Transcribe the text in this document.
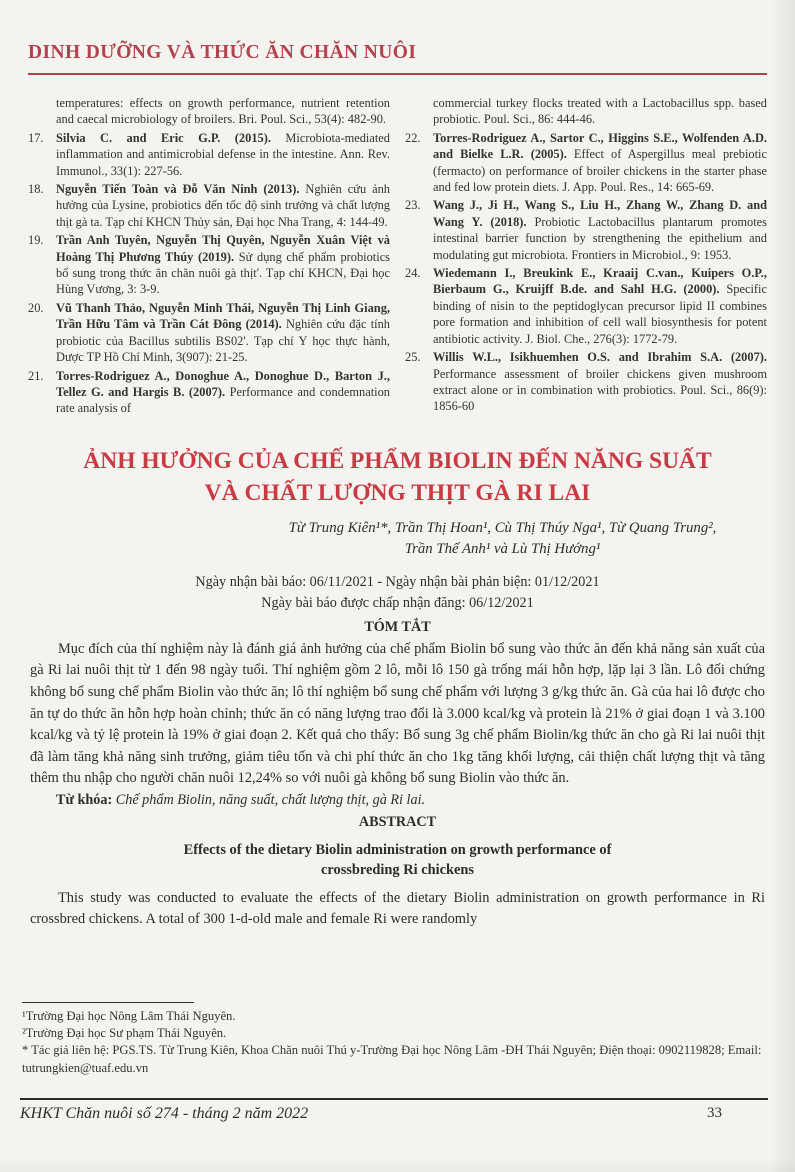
DINH DƯỠNG VÀ THỨC ĂN CHĂN NUÔI
temperatures: effects on growth performance, nutrient retention and caecal microbiology of broilers. Bri. Poul. Sci., 53(4): 482-90.
17. Silvia C. and Eric G.P. (2015). Microbiota-mediated inflammation and antimicrobial defense in the intestine. Ann. Rev. Immunol., 33(1): 227-56.
18. Nguyễn Tiến Toàn và Đỗ Văn Ninh (2013). Nghiên cứu ảnh hưởng của Lysine, probiotics đến tốc độ sinh trưởng và chất lượng thịt gà ta. Tạp chí KHCN Thủy sản, Đại học Nha Trang, 4: 144-49.
19. Trần Anh Tuyên, Nguyễn Thị Quyên, Nguyễn Xuân Việt và Hoàng Thị Phương Thúy (2019). Sử dụng chế phẩm probiotics bổ sung trong thức ăn chăn nuôi gà thịt'. Tạp chí KHCN, Đại học Hùng Vương, 3: 3-9.
20. Vũ Thanh Thảo, Nguyễn Minh Thái, Nguyễn Thị Linh Giang, Trần Hữu Tâm và Trần Cát Đông (2014). Nghiên cứu đặc tính probiotic của Bacillus subtilis BS02'. Tạp chí Y học thực hành, Dược TP Hồ Chí Minh, 3(907): 21-25.
21. Torres-Rodriguez A., Donoghue A., Donoghue D., Barton J., Tellez G. and Hargis B. (2007). Performance and condemnation rate analysis of
commercial turkey flocks treated with a Lactobacillus spp. based probiotic. Poul. Sci., 86: 444-46.
22. Torres-Rodriguez A., Sartor C., Higgins S.E., Wolfenden A.D. and Bielke L.R. (2005). Effect of Aspergillus meal prebiotic (fermacto) on performance of broiler chickens in the starter phase and fed low protein diets. J. App. Poul. Res., 14: 665-69.
23. Wang J., Ji H., Wang S., Liu H., Zhang W., Zhang D. and Wang Y. (2018). Probiotic Lactobacillus plantarum promotes intestinal barrier function by strengthening the epithelium and modulating gut microbiota. Frontiers in Microbiol., 9: 1953.
24. Wiedemann I., Breukink E., Kraaij C.van., Kuipers O.P., Bierbaum G., Kruijff B.de. and Sahl H.G. (2000). Specific binding of nisin to the peptidoglycan precursor lipid II combines pore formation and inhibition of cell wall biosynthesis for potent antibiotic activity. J. Biol. Che., 276(3): 1772-79.
25. Willis W.L., Isikhuemhen O.S. and Ibrahim S.A. (2007). Performance assessment of broiler chickens given mushroom extract alone or in combination with probiotics. Poul. Sci., 86(9): 1856-60
ẢNH HƯỞNG CỦA CHẾ PHẨM BIOLIN ĐẾN NĂNG SUẤT
VÀ CHẤT LƯỢNG THỊT GÀ RI LAI
Từ Trung Kiên¹*, Trần Thị Hoan¹, Cù Thị Thúy Nga¹, Từ Quang Trung²,
Trần Thế Anh¹ và Lù Thị Hướng¹
Ngày nhận bài báo: 06/11/2021 - Ngày nhận bài phản biện: 01/12/2021
Ngày bài báo được chấp nhận đăng: 06/12/2021
TÓM TẮT

Mục đích của thí nghiệm này là đánh giá ảnh hưởng của chế phẩm Biolin bổ sung vào thức ăn đến khả năng sản xuất của gà Ri lai nuôi thịt từ 1 đến 98 ngày tuổi. Thí nghiệm gồm 2 lô, mỗi lô 150 gà trống mái hỗn hợp, lặp lại 3 lần. Lô đối chứng không bổ sung chế phẩm Biolin vào thức ăn; lô thí nghiệm bổ sung chế phẩm với lượng 3 g/kg thức ăn. Gà của hai lô được cho ăn tự do thức ăn hỗn hợp hoàn chỉnh; thức ăn có năng lượng trao đổi là 3.000 kcal/kg và protein là 21% ở giai đoạn 1 và 3.100 kcal/kg và tỷ lệ protein là 19% ở giai đoạn 2. Kết quả cho thấy: Bổ sung 3g chế phẩm Biolin/kg thức ăn cho gà Ri lai nuôi thịt đã làm tăng khả năng sinh trưởng, giảm tiêu tốn và chi phí thức ăn cho 1kg tăng khối lượng, cải thiện chất lượng thịt và tăng thêm thu nhập cho người chăn nuôi 12,24% so với nuôi gà không bổ sung Biolin vào thức ăn.

Từ khóa: Chế phẩm Biolin, năng suất, chất lượng thịt, gà Ri lai.
ABSTRACT
Effects of the dietary Biolin administration on growth performance of
crossbreding Ri chickens

This study was conducted to evaluate the effects of the dietary Biolin administration on growth performance in Ri crossbred chickens. A total of 300 1-d-old male and female Ri were randomly

¹Trường Đại học Nông Lâm Thái Nguyên.
²Trường Đại học Sư phạm Thái Nguyên.
* Tác giả liên hệ: PGS.TS. Từ Trung Kiên, Khoa Chăn nuôi Thú y-Trường Đại học Nông Lâm -ĐH Thái Nguyên; Điện thoại: 0902119828; Email: tutrungkien@tuaf.edu.vn
KHKT Chăn nuôi số 274 - tháng 2 năm 2022	33
